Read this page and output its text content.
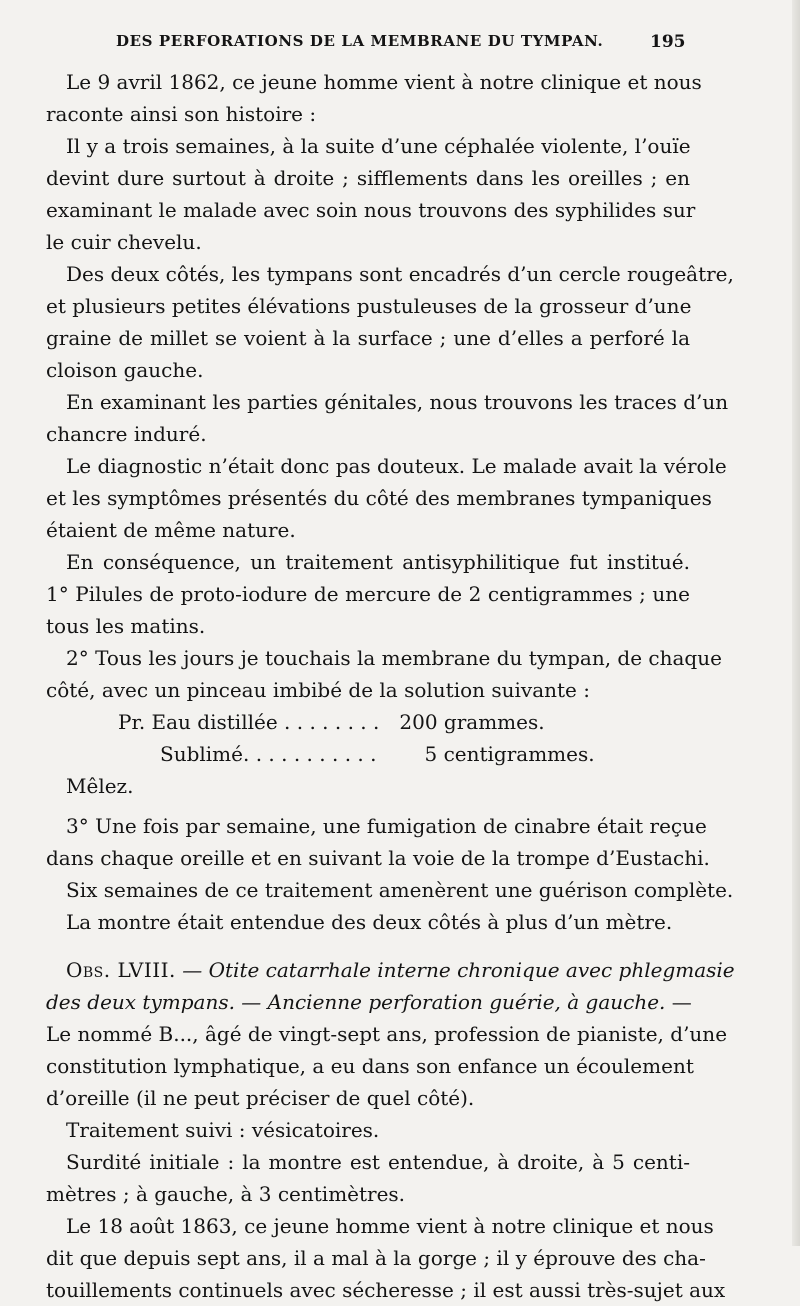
DES PERFORATIONS DE LA MEMBRANE DU TYMPAN.	195
Le 9 avril 1862, ce jeune homme vient à notre clinique et nous
raconte ainsi son histoire :
Il y a trois semaines, à la suite d’une céphalée violente, l’ouïe
devint dure surtout à droite ; sifflements dans les oreilles ; en
examinant le malade avec soin nous trouvons des syphilides sur
le cuir chevelu.
Des deux côtés, les tympans sont encadrés d’un cercle rougeâtre,
et plusieurs petites élévations pustuleuses de la grosseur d’une
graine de millet se voient à la surface ; une d’elles a perforé la
cloison gauche.
En examinant les parties génitales, nous trouvons les traces d’un
chancre induré.
Le diagnostic n’était donc pas douteux. Le malade avait la vérole
et les symptômes présentés du côté des membranes tympaniques
étaient de même nature.
En conséquence, un traitement antisyphilitique fut institué.
1° Pilules de proto-iodure de mercure de 2 centigrammes ; une
tous les matins.
2° Tous les jours je touchais la membrane du tympan, de chaque
côté, avec un pinceau imbibé de la solution suivante :
Pr. Eau distillée . . . . . . . . 200 grammes.
Sublimé. . . . . . . . . . . 5 centigrammes.
Mêlez.
3° Une fois par semaine, une fumigation de cinabre était reçue
dans chaque oreille et en suivant la voie de la trompe d’Eustachi.
Six semaines de ce traitement amenèrent une guérison complète.
La montre était entendue des deux côtés à plus d’un mètre.
Obs. LVIII. — Otite catarrhale interne chronique avec phlegmasie
des deux tympans. — Ancienne perforation guérie, à gauche. —
Le nommé B..., âgé de vingt-sept ans, profession de pianiste, d’une
constitution lymphatique, a eu dans son enfance un écoulement
d’oreille (il ne peut préciser de quel côté).
Traitement suivi : vésicatoires.
Surdité initiale : la montre est entendue, à droite, à 5 centi-
mètres ; à gauche, à 3 centimètres.
Le 18 août 1863, ce jeune homme vient à notre clinique et nous
dit que depuis sept ans, il a mal à la gorge ; il y éprouve des cha-
touillements continuels avec sécheresse ; il est aussi très-sujet aux
